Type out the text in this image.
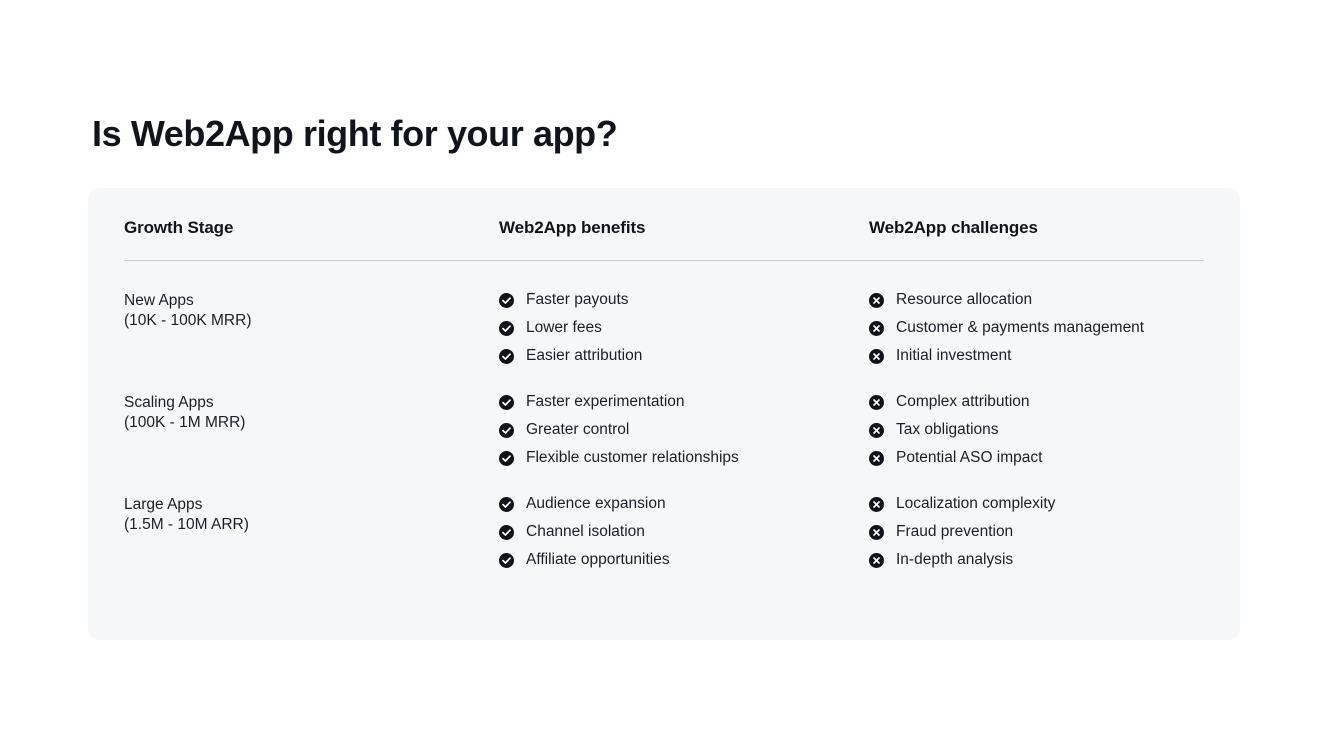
Is Web2App right for your app?
Growth Stage	Web2App benefits	Web2App challenges
New Apps
(10K - 100K MRR)
Faster payouts
Lower fees
Easier attribution
Resource allocation
Customer & payments management
Initial investment
Scaling Apps
(100K - 1M MRR)
Faster experimentation
Greater control
Flexible customer relationships
Complex attribution
Tax obligations
Potential ASO impact
Large Apps
(1.5M - 10M ARR)
Audience expansion
Channel isolation
Affiliate opportunities
Localization complexity
Fraud prevention
In-depth analysis
